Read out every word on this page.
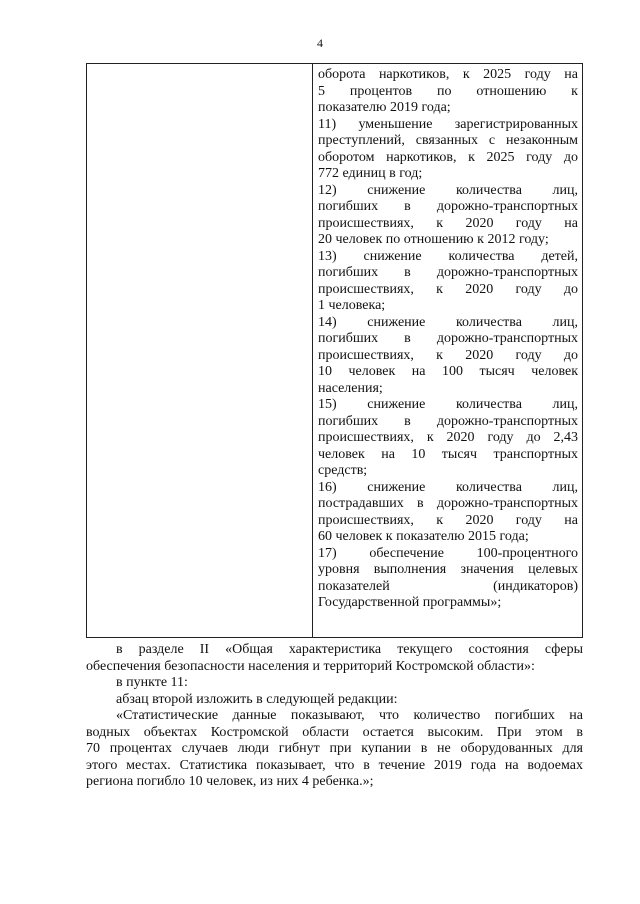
4
оборота наркотиков, к 2025 году на
5 процентов по отношению к
показателю 2019 года;
11) уменьшение зарегистрированных
преступлений, связанных с незаконным
оборотом наркотиков, к 2025 году до
772 единиц в год;
12) снижение количества лиц,
погибших в дорожно-транспортных
происшествиях, к 2020 году на
20 человек по отношению к 2012 году;
13) снижение количества детей,
погибших в дорожно-транспортных
происшествиях, к 2020 году до
1 человека;
14) снижение количества лиц,
погибших в дорожно-транспортных
происшествиях, к 2020 году до
10 человек на 100 тысяч человек
населения;
15) снижение количества лиц,
погибших в дорожно-транспортных
происшествиях, к 2020 году до 2,43
человек на 10 тысяч транспортных
средств;
16) снижение количества лиц,
пострадавших в дорожно-транспортных
происшествиях, к 2020 году на
60 человек к показателю 2015 года;
17) обеспечение 100-процентного
уровня выполнения значения целевых
показателей (индикаторов)
Государственной программы»;
в разделе II «Общая характеристика текущего состояния сферы
обеспечения безопасности населения и территорий Костромской области»:
в пункте 11:
абзац второй изложить в следующей редакции:
«Статистические данные показывают, что количество погибших на
водных объектах Костромской области остается высоким. При этом в
70 процентах случаев люди гибнут при купании в не оборудованных для
этого местах. Статистика показывает, что в течение 2019 года на водоемах
региона погибло 10 человек, из них 4 ребенка.»;
